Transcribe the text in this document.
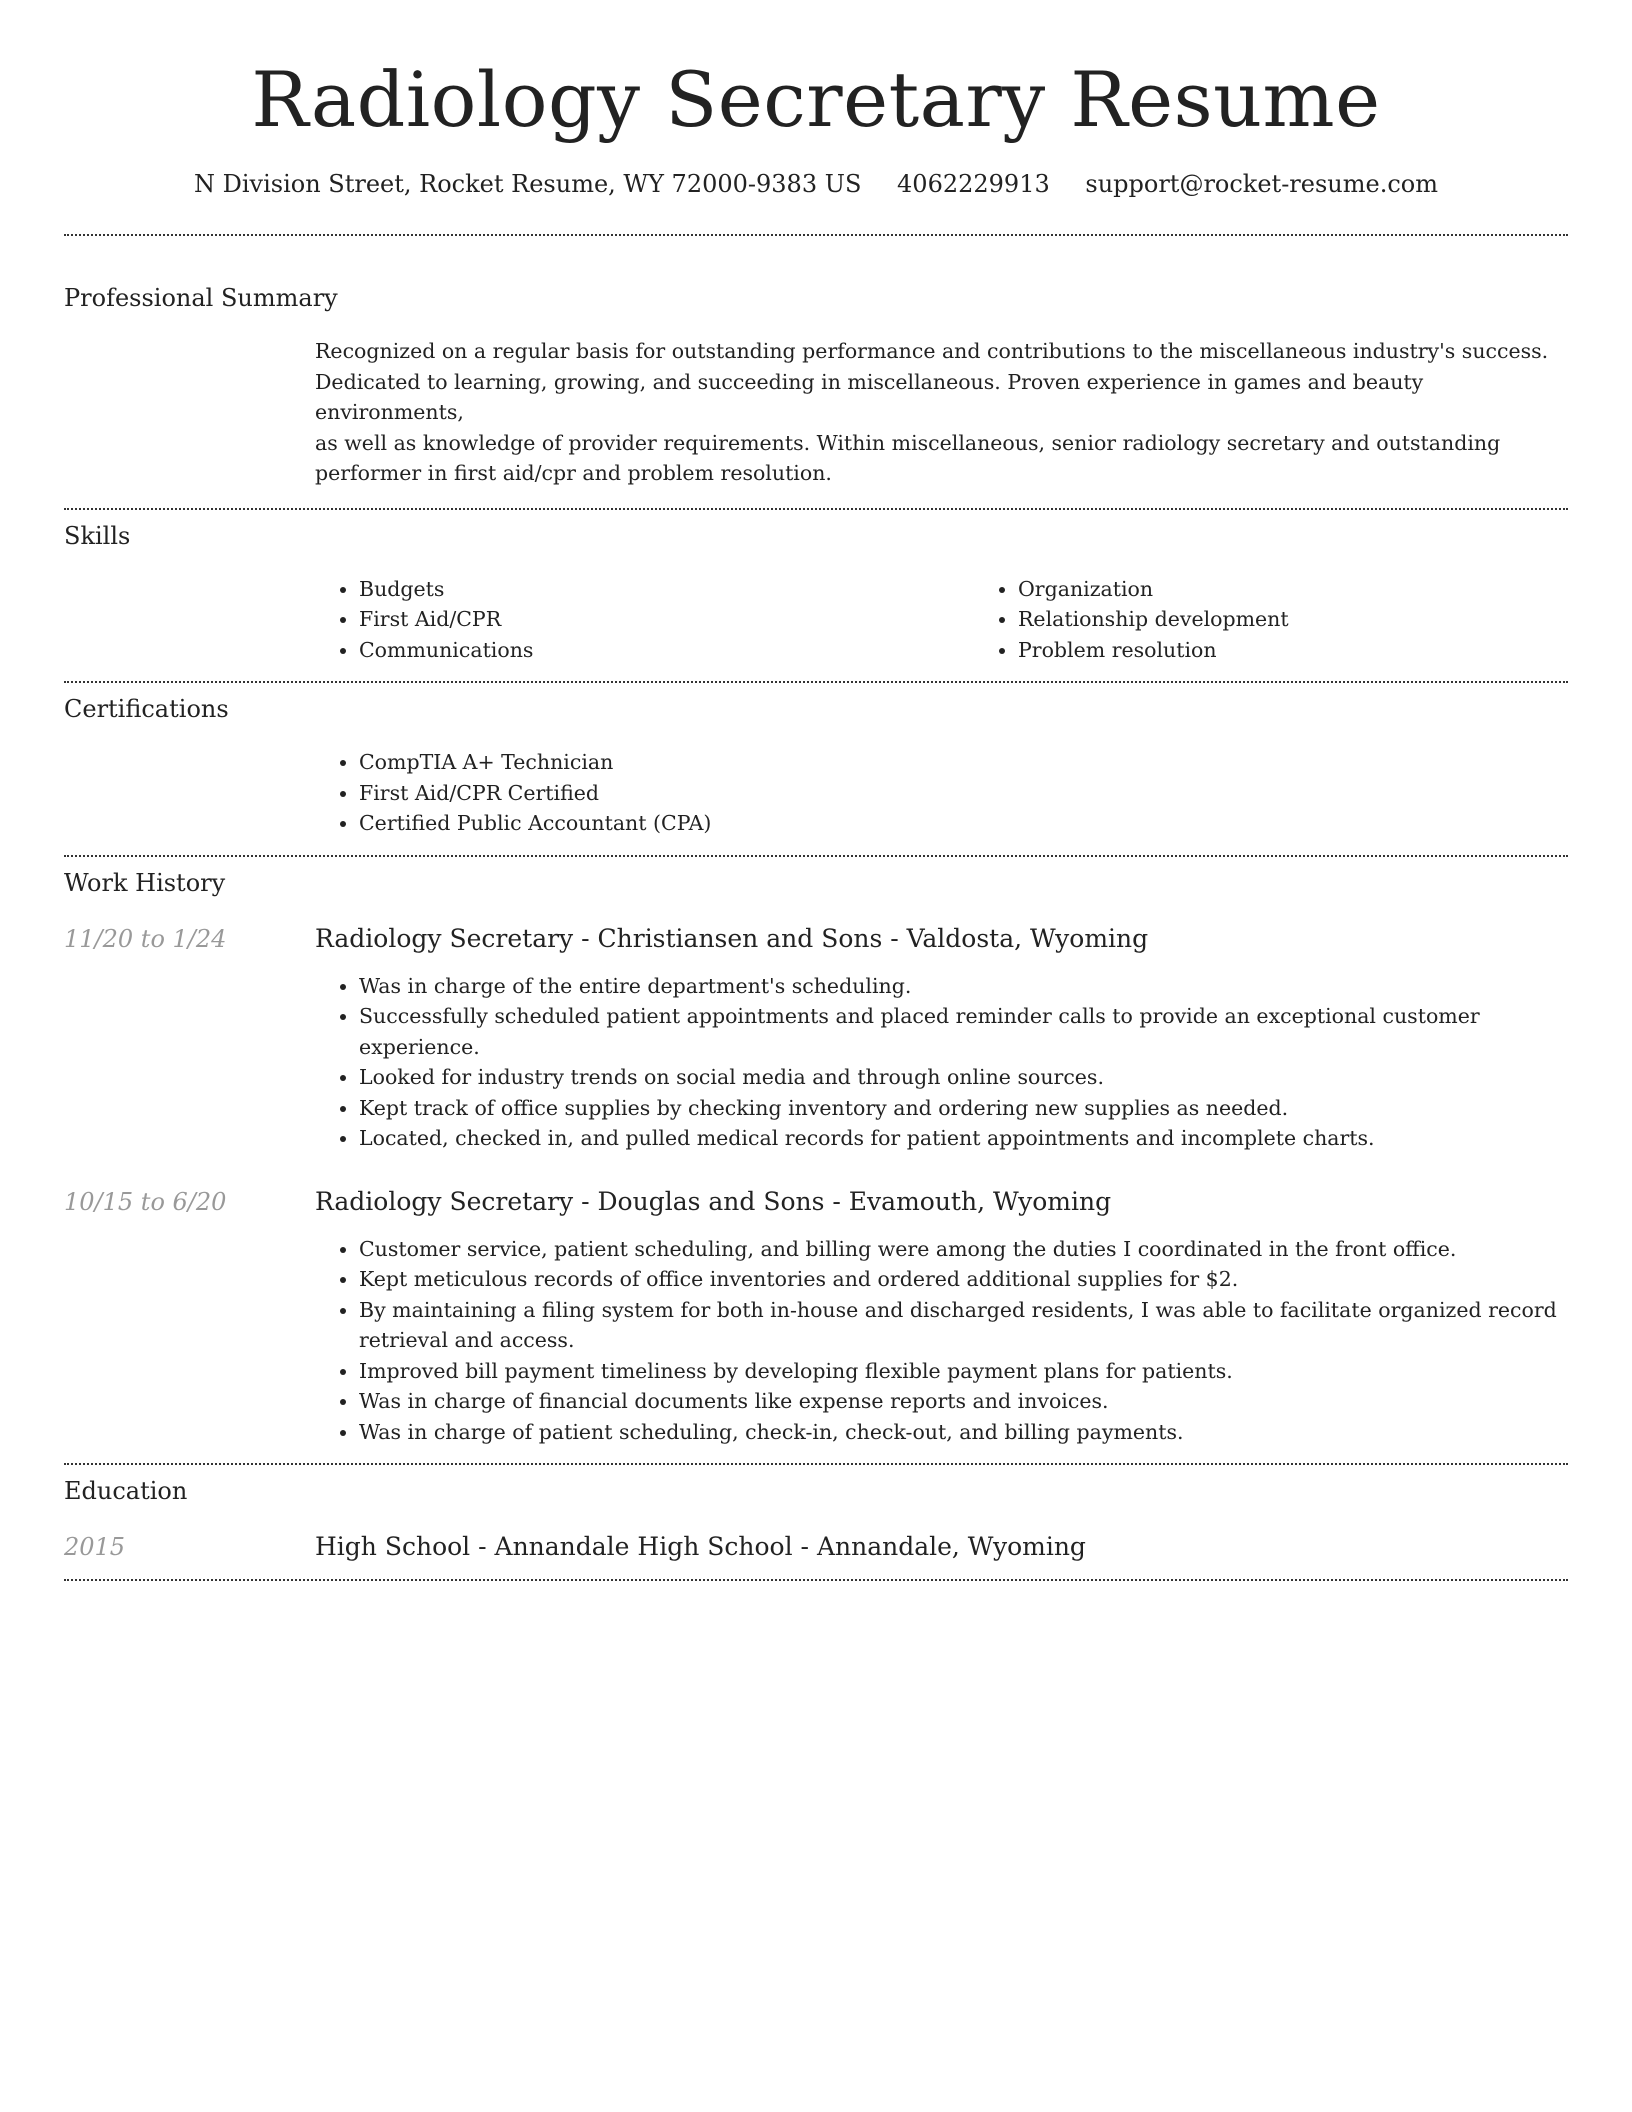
Radiology Secretary Resume
N Division Street, Rocket Resume, WY 72000-9383 US 4062229913 support@rocket-resume.com
Professional Summary

Recognized on a regular basis for outstanding performance and contributions to the miscellaneous industry's success.
Dedicated to learning, growing, and succeeding in miscellaneous. Proven experience in games and beauty environments,
as well as knowledge of provider requirements. Within miscellaneous, senior radiology secretary and outstanding
performer in first aid/cpr and problem resolution.

Skills
• Budgets
• First Aid/CPR
• Communications
• Organization
• Relationship development
• Problem resolution
Certifications
• CompTIA A+ Technician
• First Aid/CPR Certified
• Certified Public Accountant (CPA)
Work History
11/20 to 1/24	Radiology Secretary - Christiansen and Sons - Valdosta, Wyoming
• Was in charge of the entire department's scheduling.
• Successfully scheduled patient appointments and placed reminder calls to provide an exceptional customer experience.
• Looked for industry trends on social media and through online sources.
• Kept track of office supplies by checking inventory and ordering new supplies as needed.
• Located, checked in, and pulled medical records for patient appointments and incomplete charts.
10/15 to 6/20	Radiology Secretary - Douglas and Sons - Evamouth, Wyoming
• Customer service, patient scheduling, and billing were among the duties I coordinated in the front office.
• Kept meticulous records of office inventories and ordered additional supplies for $2.
• By maintaining a filing system for both in-house and discharged residents, I was able to facilitate organized record retrieval and access.
• Improved bill payment timeliness by developing flexible payment plans for patients.
• Was in charge of financial documents like expense reports and invoices.
• Was in charge of patient scheduling, check-in, check-out, and billing payments.
Education
2015	High School - Annandale High School - Annandale, Wyoming
